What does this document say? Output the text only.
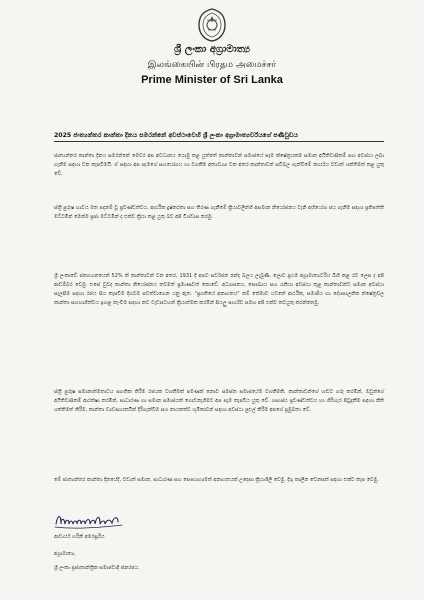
ශ්‍රී ලංකා අග්‍රාමාත්‍ය
இலங்கையின் பிரதம அமைச்சர்
Prime Minister of Sri Lanka
2025 ජාත්‍යන්තර කාන්තා දිනය සමරන්නේ අවස්ථාවෙහි ශ්‍රී ලංකා අග්‍රාමාත්‍යවරියගේ පණිවුඩය

ජාත්‍යන්තර කාන්තා දිනය සමරන්නේ මෙවර අප අවධානය යොමු කළ යුත්තේ කාන්තාවන් සමාජයේ සෑම ක්ෂේත්‍රයකම සමාන අයිතිවාසිකම් සහ අවස්ථා ලබා ගැනීම සඳහා වන කැපවීමයි. ඒ සඳහා අප සැමගේ සහයෝගය හා වගකීම අත්‍යවශ්‍ය වන අතර කාන්තාවන් සවිබල ගැන්වීමේ කාර්යය වඩාත් ශක්තිමත් කළ යුතු වේ.

ස්ත්‍රී පුරුෂ භාවය මත පදනම් වූ ප්‍රචණ්ඩත්වය, ආර්ථික දුෂ්කරතා සහ තීරණ ගැනීමේ ක්‍රියාවලීන්හි අසමාන නියෝජනය වැනි අභියෝග ජය ගැනීම සඳහා ප්‍රතිපත්ති මට්ටමින් මෙන්ම ප්‍රජා මට්ටමින් ද එක්ව ක්‍රියා කළ යුතු බව අපි විශ්වාස කරමු.

ශ්‍රී ලංකාවේ ජනගහනයෙන් 52% ක් කාන්තාවන් වන අතර, 1931 දී අපට සර්වජන ඡන්ද බලය ලැබුණි. ලොව ප්‍රථම අග්‍රාමාත්‍යවරිය බිහි කළ රට ලෙස ද අපි ආඩම්බර වෙමු. එසේ වුවද කාන්තා නියෝජනය තවමත් ප්‍රමාණවත් නොවේ. අධ්‍යාපනය, සෞඛ්‍යය සහ රැකියා අවස්ථා තුළ කාන්තාවන්ට සමාන අවස්ථා සැලසීම සඳහා රජය සිය කැපවීම දිගටම පවත්වාගෙන යනු ඇත. "ප්‍රගතියේ අනාගතය" නම් තේමාව යටතේ ආර්ථික, සමාජීය හා දේශපාලනික ක්ෂේත්‍රවල කාන්තා සහභාගීත්වය ඉහළ නැංවීම සඳහා නව වැඩසටහන් ක්‍රියාත්මක කරමින් සියලු පාර්ශ්ව සමඟ අපි එක්ව කටයුතු කරන්නෙමු.

ස්ත්‍රී පුරුෂ සමානාත්මතාවය සහතික කිරීම රජයක වගකීමක් පමණක් නොව සමස්ත සමාජයේම වගකීමකි. කාන්තාවන්ගේ හඬට ගරු කරමින්, ඔවුන්ගේ අයිතිවාසිකම් ආරක්ෂා කරමින්, සාධාරණ හා සමාන සමාජයක් ගොඩනැගීමට අප සැම කැපවිය යුතු වේ. ගෘහස්ථ ප්‍රචණ්ඩත්වය හා හිරිහැර පිටුදැකීම සඳහා නීති ශක්තිමත් කිරීම, කාන්තා ව්‍යවසායකයින් දිරිගැන්වීම සහ නායකත්ව භූමිකාවන් සඳහා අවස්ථා පුළුල් කිරීම අපගේ ප්‍රමුඛතා වේ.

මේ ජාත්‍යන්තර කාන්තා දිනයේදී, වඩාත් සමාන, සාධාරණ සහ සෞභාග්‍යමත් අනාගතයක් උදෙසා ක්‍රියාශීලී වෙමු. දිගු කාලීන වෙනසක් සඳහා එක්ව කැප වෙමු.

ආචාර්ය හරිනි අමරසූරිය
අග්‍රාමාත්‍ය,
ශ්‍රී ලංකා ප්‍රජාතාන්ත්‍රික සමාජවාදී ජනරජය.
